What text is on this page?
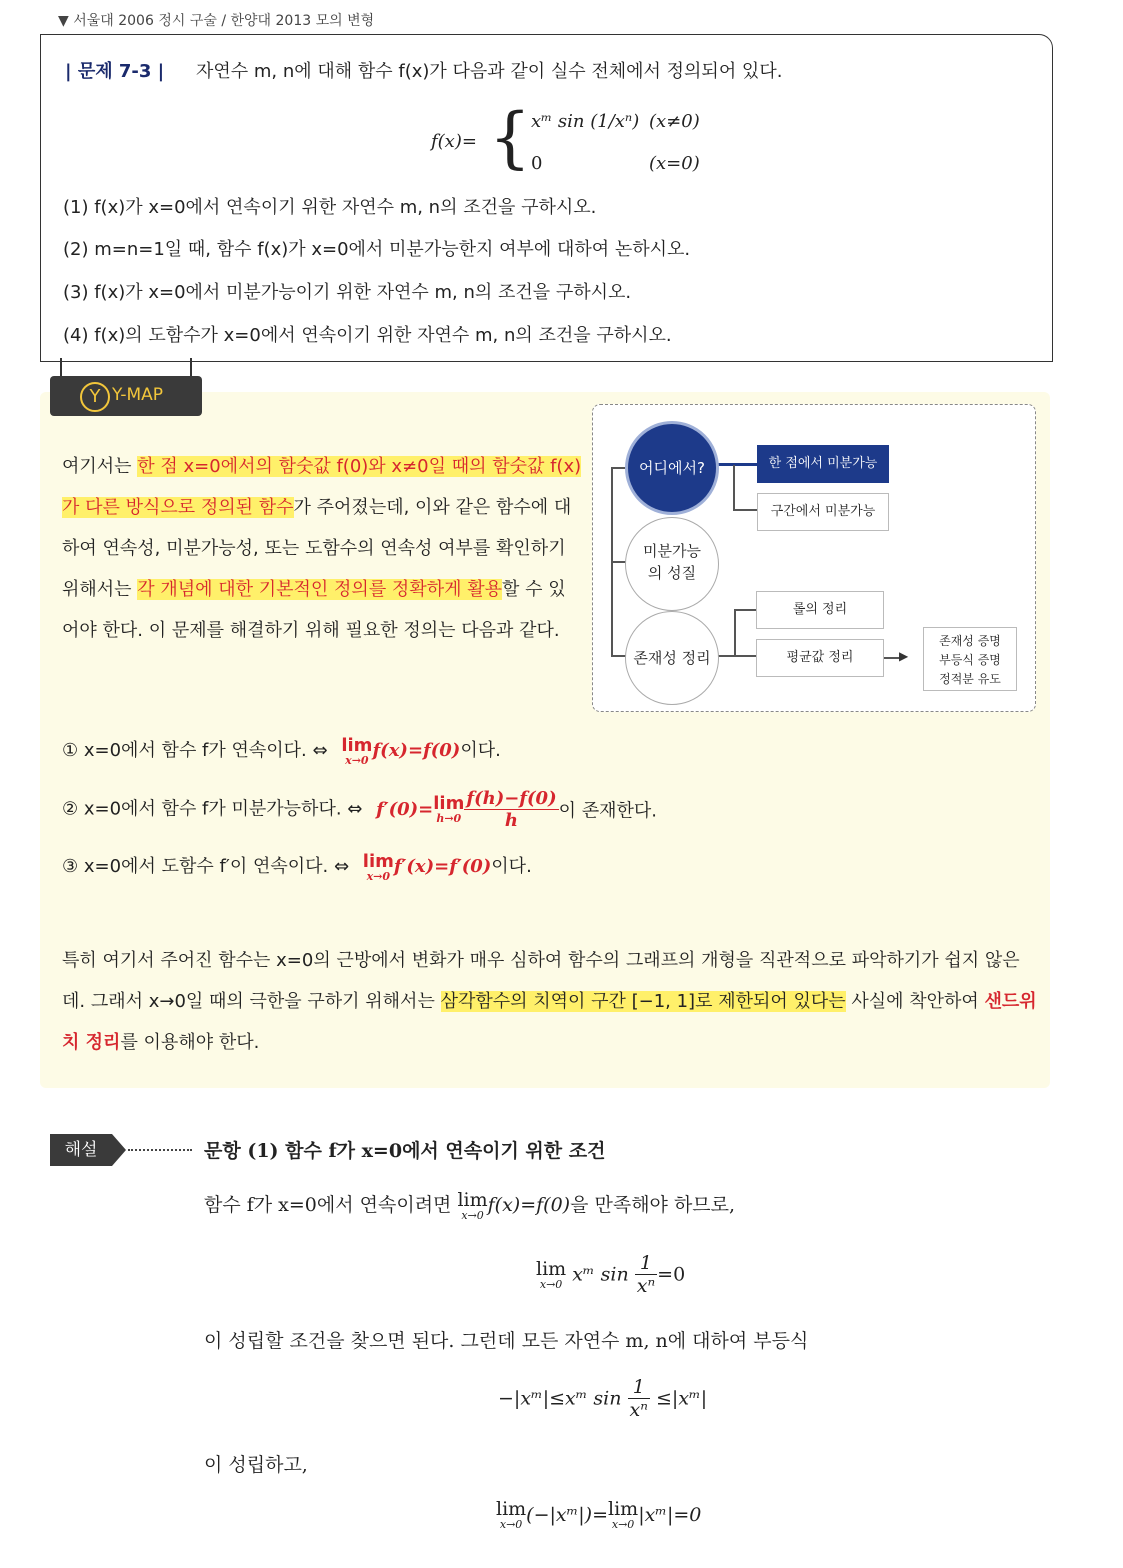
▼ 서울대 2006 정시 구술 / 한양대 2013 모의 변형
| 문제 7-3 | 자연수 m, n에 대해 함수 f(x)가 다음과 같이 실수 전체에서 정의되어 있다.
f(x)= { xᵐ sin (1/xⁿ) (x≠0)
0	(x=0)
(1) f(x)가 x=0에서 연속이기 위한 자연수 m, n의 조건을 구하시오.
(2) m=n=1일 때, 함수 f(x)가 x=0에서 미분가능한지 여부에 대하여 논하시오.
(3) f(x)가 x=0에서 미분가능이기 위한 자연수 m, n의 조건을 구하시오.
(4) f(x)의 도함수가 x=0에서 연속이기 위한 자연수 m, n의 조건을 구하시오.
Y Y-MAP
여기서는 한 점 x=0에서의 함숫값 f(0)와 x≠0일 때의 함숫값 f(x)가 다른 방식으로 정의된 함수가 주어졌는데, 이와 같은 함수에 대하여 연속성, 미분가능성, 또는 도함수의 연속성 여부를 확인하기 위해서는 각 개념에 대한 기본적인 정의를 정확하게 활용할 수 있어야 한다. 이 문제를 해결하기 위해 필요한 정의는 다음과 같다.
▶
어디에서?
미분가능의 성질
존재성 정리
한 점에서 미분가능
구간에서 미분가능
롤의 정리
평균값 정리
존재성 증명
부등식 증명
정적분 유도
① x=0에서 함수 f가 연속이다. ⇔ lim
x→0 f(x)=f(0)이다.
② x=0에서 함수 f가 미분가능하다. ⇔ f′(0)=lim
$h\to 0 \frac{f(h)-f(0)}{h}$ 이 존재한다.
③ x=0에서 도함수 f′이 연속이다. ⇔ lim
x→0 f′(x)=f′(0)이다.
특히 여기서 주어진 함수는 x=0의 근방에서 변화가 매우 심하여 함수의 그래프의 개형을 직관적으로 파악하기가 쉽지 않은데. 그래서 x→0일 때의 극한을 구하기 위해서는 삼각함수의 치역이 구간 [−1, 1]로 제한되어 있다는 사실에 착안하여 샌드위치 정리를 이용해야 한다.
해설	문항 (1) 함수 f가 x=0에서 연속이기 위한 조건
함수 f가 x=0에서 연속이려면 lim
x→0 f(x)=f(0)을 만족해야 하므로,
lim
x→0 xᵐ $\sin \frac{1}{\text{xⁿ}} =0$
이 성립할 조건을 찾으면 된다. 그런데 모든 자연수 m, n에 대하여 부등식
−|xᵐ|≤xᵐ $\sin \frac{1}{\text{xⁿ}}$ ≤|xᵐ|
이 성립하고,
lim
x→0 (−|xᵐ|)=lim
x→0 |xᵐ|=0
